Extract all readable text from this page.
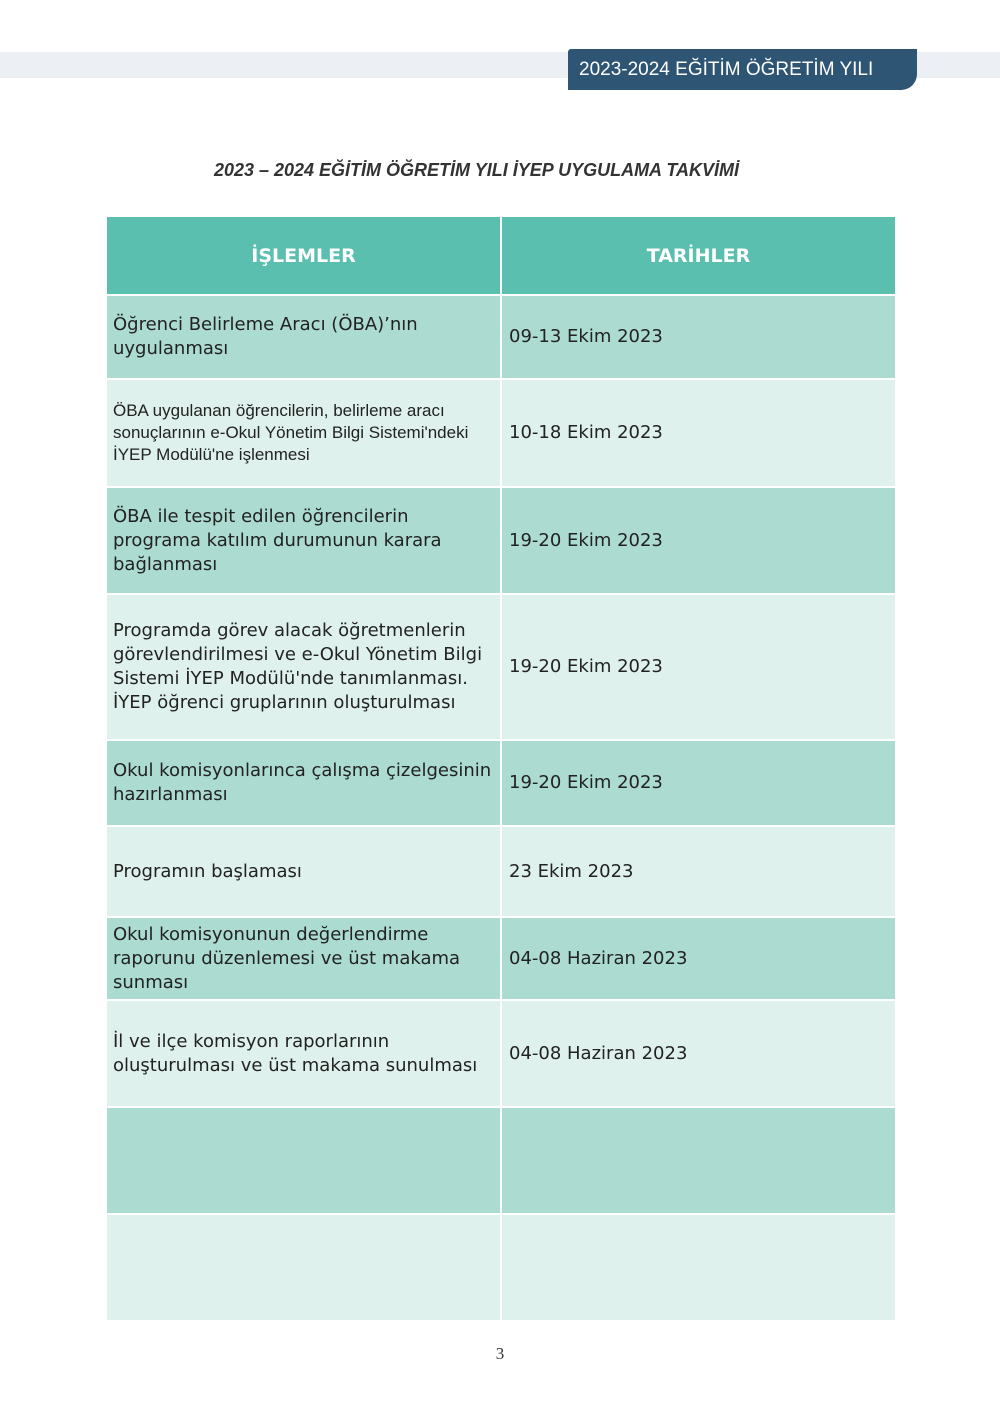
2023-2024 EĞİTİM ÖĞRETİM YILI
2023 – 2024 EĞİTİM ÖĞRETİM YILI İYEP UYGULAMA TAKVİMİ
İŞLEMLER	TARİHLER
Öğrenci Belirleme Aracı (ÖBA)’nın uygulanması	09-13 Ekim 2023
ÖBA uygulanan öğrencilerin, belirleme aracı sonuçlarının e-Okul Yönetim Bilgi Sistemi'ndeki İYEP Modülü'ne işlenmesi	10-18 Ekim 2023
ÖBA ile tespit edilen öğrencilerin programa katılım durumunun karara bağlanması	19-20 Ekim 2023
Programda görev alacak öğretmenlerin görevlendirilmesi ve e-Okul Yönetim Bilgi Sistemi İYEP Modülü'nde tanımlanması. İYEP öğrenci gruplarının oluşturulması	19-20 Ekim 2023
Okul komisyonlarınca çalışma çizelgesinin hazırlanması	19-20 Ekim 2023
Programın başlaması	23 Ekim 2023
Okul komisyonunun değerlendirme raporunu düzenlemesi ve üst makama sunması	04-08 Haziran 2023
İl ve ilçe komisyon raporlarının oluşturulması ve üst makama sunulması	04-08 Haziran 2023

3
